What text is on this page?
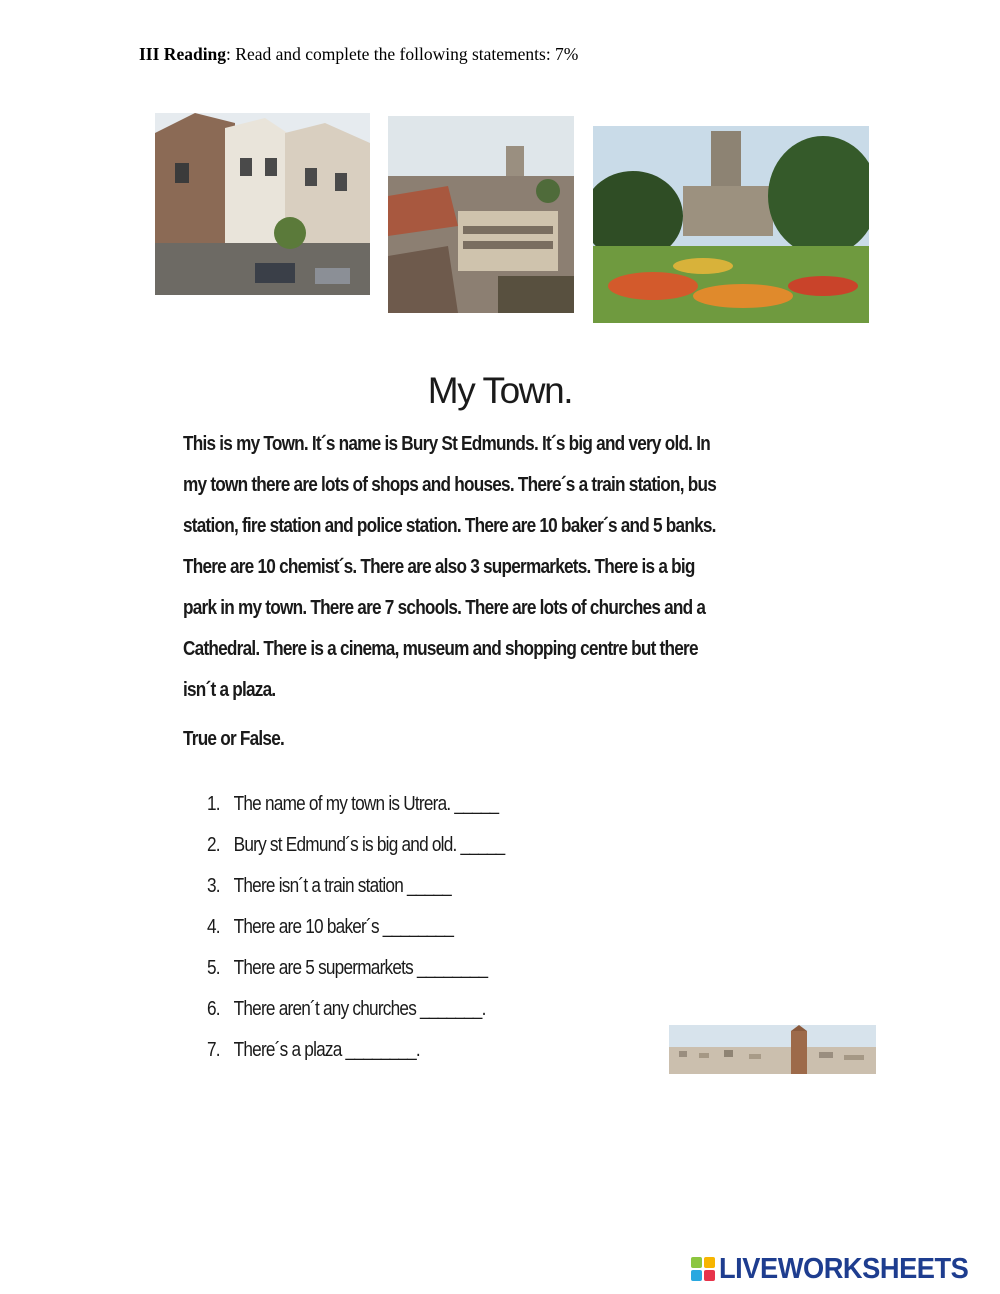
III Reading: Read and complete the following statements: 7%
My Town.
This is my Town. It´s name is Bury St Edmunds. It´s big and very old. In
my town there are lots of shops and houses. There´s a train station, bus
station, fire station and police station. There are 10 baker´s and 5 banks.
There are 10 chemist´s. There are also 3 supermarkets. There is a big
park in my town. There are 7 schools. There are lots of churches and a
Cathedral. There is a cinema, museum and shopping centre but there
isn´t a plaza.
True or False.
1. The name of my town is Utrera. _____
2. Bury st Edmund´s is big and old. _____
3. There isn´t a train station _____
4. There are 10 baker´s ________
5. There are 5 supermarkets ________
6. There aren´t any churches _______.
7. There´s a plaza ________.
LIVEWORKSHEETS
